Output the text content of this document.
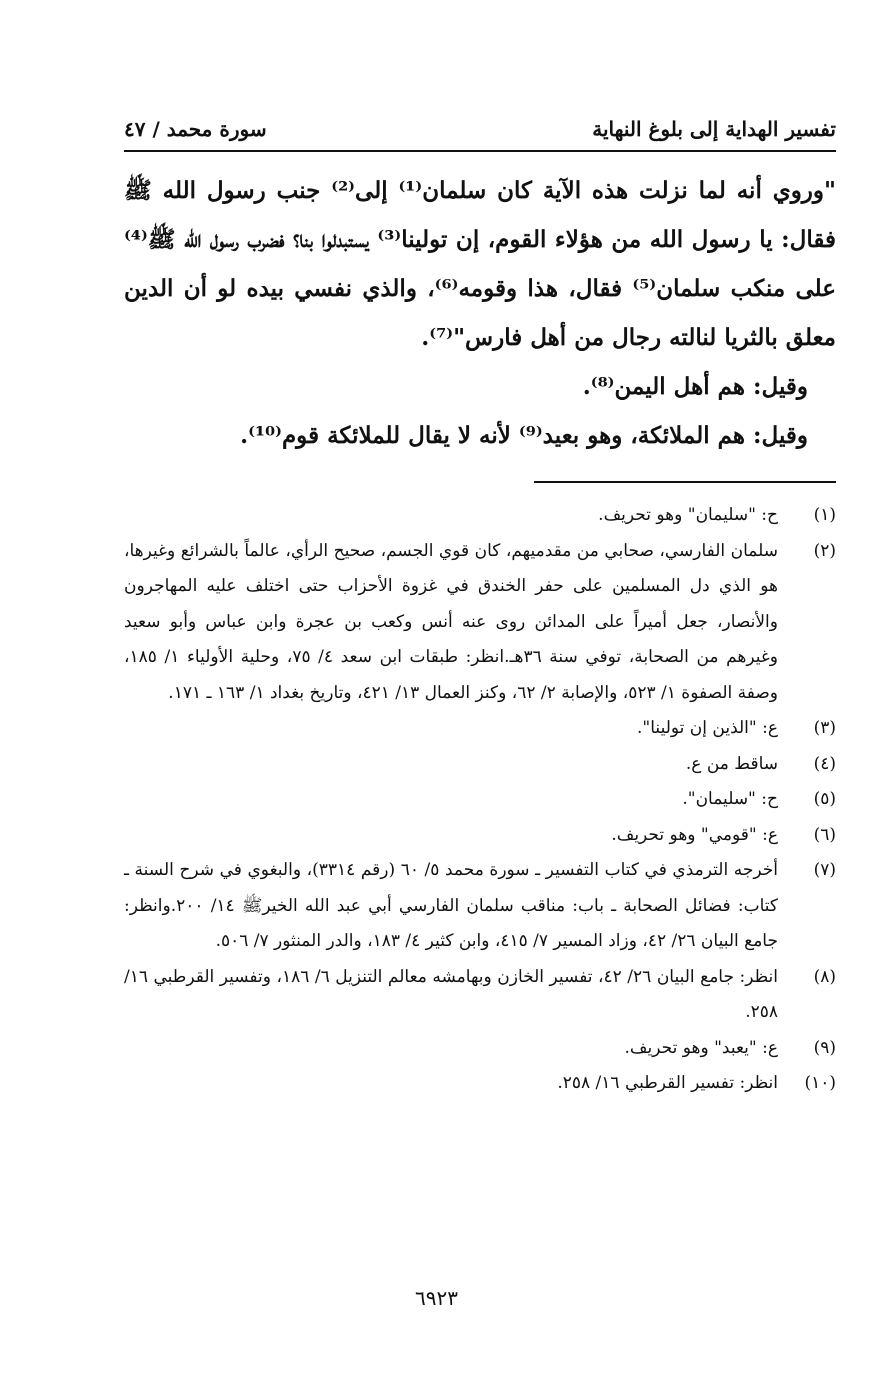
تفسير الهداية إلى بلوغ النهاية
سورة محمد / ٤٧

"وروي أنه لما نزلت هذه الآية كان سلمان⁽¹⁾ إلى⁽²⁾ جنب رسول الله ﷺ فقال: يا رسول الله من هؤلاء القوم، إن تولينا⁽³⁾ يستبدلوا بنا؟ فضرب رسول الله ﷺ⁽⁴⁾ على منكب سلمان⁽⁵⁾ فقال، هذا وقومه⁽⁶⁾، والذي نفسي بيده لو أن الدين معلق بالثريا لنالته رجال من أهل فارس"⁽⁷⁾.

وقيل: هم أهل اليمن⁽⁸⁾.

وقيل: هم الملائكة، وهو بعيد⁽⁹⁾ لأنه لا يقال للملائكة قوم⁽¹⁰⁾.

(١)
ح: "سليمان" وهو تحريف.
(٢)
سلمان الفارسي، صحابي من مقدميهم، كان قوي الجسم، صحيح الرأي، عالماً بالشرائع وغيرها، هو الذي دل المسلمين على حفر الخندق في غزوة الأحزاب حتى اختلف عليه المهاجرون والأنصار، جعل أميراً على المدائن روى عنه أنس وكعب بن عجرة وابن عباس وأبو سعيد وغيرهم من الصحابة، توفي سنة ٣٦هـ.انظر: طبقات ابن سعد ٤/ ٧٥، وحلية الأولياء ١/ ١٨٥، وصفة الصفوة ١/ ٥٢٣، والإصابة ٢/ ٦٢، وكنز العمال ١٣/ ٤٢١، وتاريخ بغداد ١/ ١٦٣ ـ ١٧١.
(٣)
ع: "الذين إن تولينا".
(٤)
ساقط من ع.
(٥)
ح: "سليمان".
(٦)
ع: "قومي" وهو تحريف.
(٧)
أخرجه الترمذي في كتاب التفسير ـ سورة محمد ٥/ ٦٠ (رقم ٣٣١٤)، والبغوي في شرح السنة ـ كتاب: فضائل الصحابة ـ باب: مناقب سلمان الفارسي أبي عبد الله الخيرﷺ ١٤/ ٢٠٠.وانظر: جامع البيان ٢٦/ ٤٢، وزاد المسير ٧/ ٤١٥، وابن كثير ٤/ ١٨٣، والدر المنثور ٧/ ٥٠٦.
(٨)
انظر: جامع البيان ٢٦/ ٤٢، تفسير الخازن وبهامشه معالم التنزيل ٦/ ١٨٦، وتفسير القرطبي ١٦/ ٢٥٨.
(٩)
ع: "يعبد" وهو تحريف.
(١٠)
انظر: تفسير القرطبي ١٦/ ٢٥٨.
٦٩٢٣
